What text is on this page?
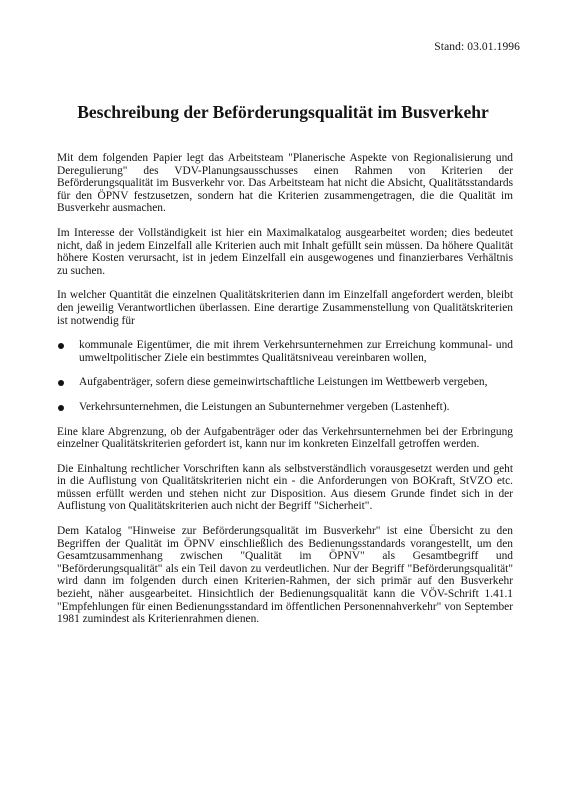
Stand: 03.01.1996
Beschreibung der Beförderungsqualität im Busverkehr

Mit dem folgenden Papier legt das Arbeitsteam "Planerische Aspekte von Regionalisierung und Deregulierung" des VDV-Planungsausschusses einen Rahmen von Kriterien der Beförderungsqualität im Busverkehr vor. Das Arbeitsteam hat nicht die Absicht, Qualitätsstandards für den ÖPNV festzusetzen, sondern hat die Kriterien zusammengetragen, die die Qualität im Busverkehr ausmachen.

Im Interesse der Vollständigkeit ist hier ein Maximalkatalog ausgearbeitet worden; dies bedeutet nicht, daß in jedem Einzelfall alle Kriterien auch mit Inhalt gefüllt sein müssen. Da höhere Qualität höhere Kosten verursacht, ist in jedem Einzelfall ein ausgewogenes und finanzierbares Verhältnis zu suchen.

In welcher Quantität die einzelnen Qualitätskriterien dann im Einzelfall angefordert werden, bleibt den jeweilig Verantwortlichen überlassen. Eine derartige Zusammenstellung von Qualitätskriterien ist notwendig für

kommunale Eigentümer, die mit ihrem Verkehrsunternehmen zur Erreichung kommunal- und umweltpolitischer Ziele ein bestimmtes Qualitätsniveau vereinbaren wollen,
Aufgabenträger, sofern diese gemeinwirtschaftliche Leistungen im Wettbewerb vergeben,
Verkehrsunternehmen, die Leistungen an Subunternehmer vergeben (Lastenheft).

Eine klare Abgrenzung, ob der Aufgabenträger oder das Verkehrsunternehmen bei der Erbringung einzelner Qualitätskriterien gefordert ist, kann nur im konkreten Einzelfall getroffen werden.

Die Einhaltung rechtlicher Vorschriften kann als selbstverständlich vorausgesetzt werden und geht in die Auflistung von Qualitätskriterien nicht ein - die Anforderungen von BOKraft, StVZO etc. müssen erfüllt werden und stehen nicht zur Disposition. Aus diesem Grunde findet sich in der Auflistung von Qualitätskriterien auch nicht der Begriff "Sicherheit".

Dem Katalog "Hinweise zur Beförderungsqualität im Busverkehr" ist eine Übersicht zu den Begriffen der Qualität im ÖPNV einschließlich des Bedienungsstandards vorangestellt, um den Gesamtzusammenhang zwischen "Qualität im ÖPNV" als Gesamtbegriff und "Beförderungsqualität" als ein Teil davon zu verdeutlichen. Nur der Begriff "Beförderungsqualität" wird dann im folgenden durch einen Kriterien-Rahmen, der sich primär auf den Busverkehr bezieht, näher ausgearbeitet. Hinsichtlich der Bedienungsqualität kann die VÖV-Schrift 1.41.1 "Empfehlungen für einen Bedienungsstandard im öffentlichen Personennahverkehr" von September 1981 zumindest als Kriterienrahmen dienen.
